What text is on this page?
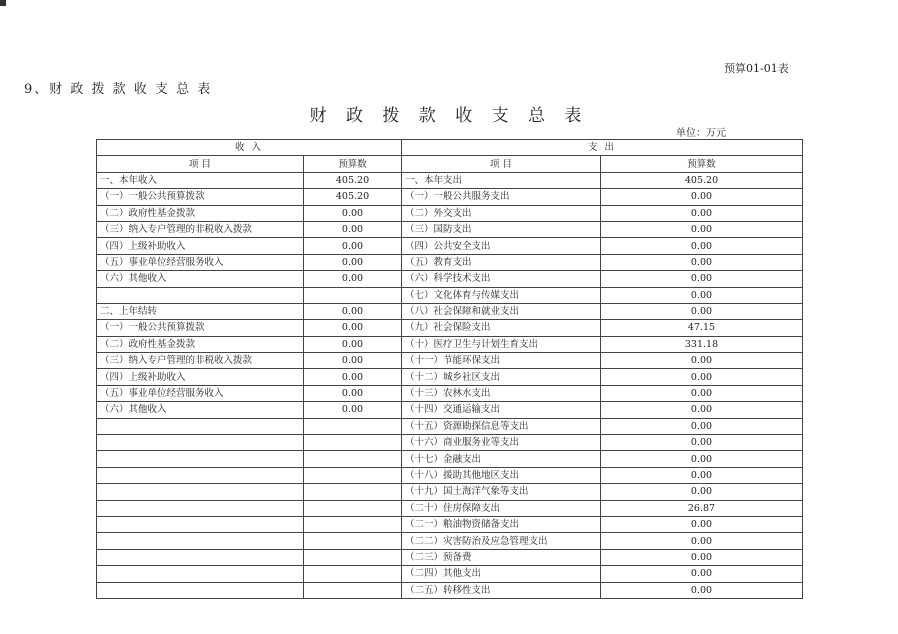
预算01-01表
9、财 政 拨 款 收 支 总 表
财 政 拨 款 收 支 总 表
单位：万元
收 入		支 出	
项 目	预算数	项 目	预算数
一、本年收入	405.20	一、本年支出	405.20
（一）一般公共预算拨款	405.20	（一）一般公共服务支出	0.00
（二）政府性基金拨款	0.00	（二）外交支出	0.00
（三）纳入专户管理的非税收入拨款	0.00	（三）国防支出	0.00
（四）上级补助收入	0.00	（四）公共安全支出	0.00
（五）事业单位经营服务收入	0.00	（五）教育支出	0.00
（六）其他收入	0.00	（六）科学技术支出	0.00
		（七）文化体育与传媒支出	0.00
二、上年结转	0.00	（八）社会保障和就业支出	0.00
（一）一般公共预算拨款	0.00	（九）社会保险支出	47.15
（二）政府性基金拨款	0.00	（十）医疗卫生与计划生育支出	331.18
（三）纳入专户管理的非税收入拨款	0.00	（十一）节能环保支出	0.00
（四）上级补助收入	0.00	（十二）城乡社区支出	0.00
（五）事业单位经营服务收入	0.00	（十三）农林水支出	0.00
（六）其他收入	0.00	（十四）交通运输支出	0.00
		（十五）资源勘探信息等支出	0.00
		（十六）商业服务业等支出	0.00
		（十七）金融支出	0.00
		（十八）援助其他地区支出	0.00
		（十九）国土海洋气象等支出	0.00
		（二十）住房保障支出	26.87
		（二一）粮油物资储备支出	0.00
		（二二）灾害防治及应急管理支出	0.00
		（二三）预备费	0.00
		（二四）其他支出	0.00
		（二五）转移性支出	0.00
